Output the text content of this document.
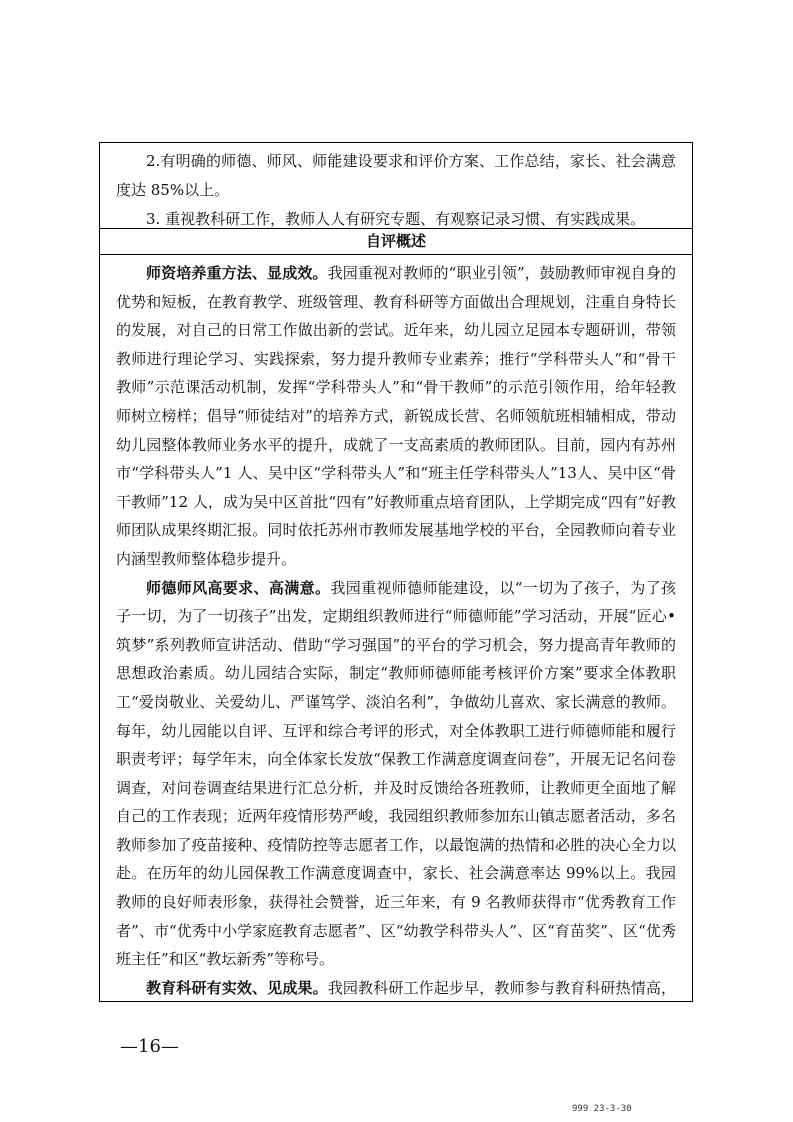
2.有明确的师德、师风、师能建设要求和评价方案、工作总结，家长、社会满意度达 85%以上。

3. 重视教科研工作，教师人人有研究专题、有观察记录习惯、有实践成果。

自评概述

师资培养重方法、显成效。我园重视对教师的“职业引领”，鼓励教师审视自身的优势和短板，在教育教学、班级管理、教育科研等方面做出合理规划，注重自身特长的发展，对自己的日常工作做出新的尝试。近年来，幼儿园立足园本专题研训，带领教师进行理论学习、实践探索，努力提升教师专业素养；推行“学科带头人”和“骨干教师”示范课活动机制，发挥“学科带头人”和“骨干教师”的示范引领作用，给年轻教师树立榜样；倡导“师徒结对”的培养方式，新锐成长营、名师领航班相辅相成，带动幼儿园整体教师业务水平的提升，成就了一支高素质的教师团队。目前，园内有苏州市“学科带头人”1 人、吴中区“学科带头人”和“班主任学科带头人”13人、吴中区“骨干教师”12 人，成为吴中区首批“四有”好教师重点培育团队，上学期完成“四有”好教师团队成果终期汇报。同时依托苏州市教师发展基地学校的平台，全园教师向着专业内涵型教师整体稳步提升。

师德师风高要求、高满意。我园重视师德师能建设，以“一切为了孩子，为了孩子一切，为了一切孩子”出发，定期组织教师进行“师德师能”学习活动，开展“匠心•筑梦”系列教师宣讲活动、借助“学习强国”的平台的学习机会，努力提高青年教师的思想政治素质。幼儿园结合实际，制定“教师师德师能考核评价方案”要求全体教职工“爱岗敬业、关爱幼儿、严谨笃学、淡泊名利”，争做幼儿喜欢、家长满意的教师。每年，幼儿园能以自评、互评和综合考评的形式，对全体教职工进行师德师能和履行职责考评；每学年末，向全体家长发放“保教工作满意度调查问卷”，开展无记名问卷调查，对问卷调查结果进行汇总分析，并及时反馈给各班教师，让教师更全面地了解自己的工作表现；近两年疫情形势严峻，我园组织教师参加东山镇志愿者活动，多名教师参加了疫苗接种、疫情防控等志愿者工作，以最饱满的热情和必胜的决心全力以赴。在历年的幼儿园保教工作满意度调查中，家长、社会满意率达 99%以上。我园教师的良好师表形象，获得社会赞誉，近三年来，有 9 名教师获得市“优秀教育工作者”、市“优秀中小学家庭教育志愿者”、区“幼教学科带头人”、区“育苗奖”、区“优秀班主任”和区“教坛新秀”等称号。

教育科研有实效、见成果。我园教科研工作起步早，教师参与教育科研热情高，

—16—
999 23-3-30
